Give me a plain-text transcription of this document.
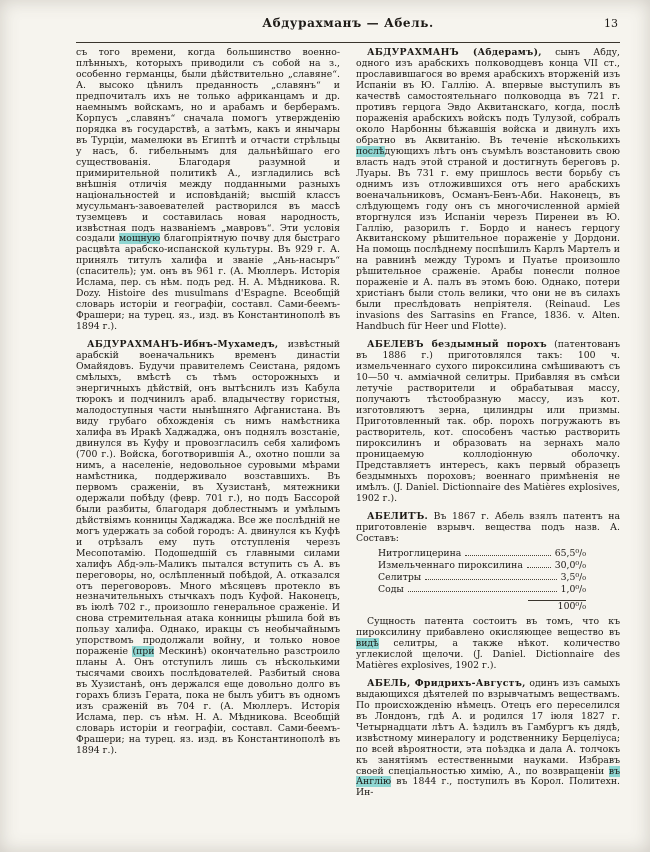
Абдурахманъ — Абель.	13

съ того времени, когда большинство военно-плѣнныхъ, которыхъ приводили съ собой на з., особенно германцы, были дѣйствительно „славяне“. А. высоко цѣнилъ преданность „славянъ“ и предпочиталъ ихъ не только африканцамъ и др. наемнымъ войскамъ, но и арабамъ и берберамъ. Корпусъ „славянъ“ сначала помогъ утвержденію порядка въ государствѣ, а затѣмъ, какъ и янычары въ Турціи, мамелюки въ Египтѣ и отчасти стрѣльцы у насъ, б. гибельнымъ для дальнѣйшаго его существованія. Благодаря разумной и примирительной политикѣ А., изгладились всѣ внѣшнія отличія между подданными разныхъ національностей и исповѣданій; высшій классъ мусульманъ-завоевателей растворился въ массѣ туземцевъ и составилась новая народность, извѣстная подъ названіемъ „мавровъ“. Эти условія создали мощную благопріятную почву для быстраго расцвѣта арабско-испанской культуры. Въ 929 г. А. принялъ титулъ халифа и званіе „Ань-насыръ“ (спаситель); ум. онъ въ 961 г. (А. Мюллеръ. Исторія Ислама, пер. съ нѣм. подъ ред. Н. А. Мѣдникова. R. Dozy. Histoire des musulmans d'Espagne. Всеобщій словарь исторіи и географіи, составл. Сами-беемъ-Фрашери; на турец. яз., изд. въ Константинополѣ въ 1894 г.).

АБДУРАХМАНЪ-Ибнъ-Мухамедъ, извѣстный арабскій военачальникъ временъ династіи Омайядовъ. Будучи правителемъ Сеистана, рядомъ смѣлыхъ, вмѣстѣ съ тѣмъ осторожныхъ и энергичныхъ дѣйствій, онъ вытѣснилъ изъ Кабула тюрокъ и подчинилъ араб. владычеству гористыя, малодоступныя части нынѣшняго Афганистана. Въ виду грубаго обхожденія съ нимъ намѣстника халифа въ Иракѣ Хаджаджа, онъ поднялъ возстаніе, двинулся въ Куфу и провозгласилъ себя халифомъ (700 г.). Войска, боготворившія А., охотно пошли за нимъ, а населеніе, недовольное суровыми мѣрами намѣстника, поддерживало возставшихъ. Въ первомъ сраженіи, въ Хузистанѣ, мятежники одержали побѣду (февр. 701 г.), но подъ Бассорой были разбиты, благодаря доблестнымъ и умѣлымъ дѣйствіямъ конницы Хаджаджа. Все же послѣдній не могъ удержать за собой городъ: А. двинулся къ Куфѣ и отрѣзалъ ему путь отступленія черезъ Месопотамію. Подошедшій съ главными силами халифъ Абд-эль-Маликъ пытался вступить съ А. въ переговоры, но, ослѣпленный побѣдой, А. отказался отъ переговоровъ. Много мѣсяцевъ протекло въ незначительныхъ стычкахъ подъ Куфой. Наконецъ, въ іюлѣ 702 г., произошло генеральное сраженіе. И снова стремительная атака конницы рѣшила бой въ пользу халифа. Однако, иракцы съ необычайнымъ упорствомъ продолжали войну, и только новое пораженіе (при Мескинѣ) окончательно разстроило планы А. Онъ отступилъ лишь съ нѣсколькими тысячами своихъ послѣдователей. Разбитый снова въ Хузистанѣ, онъ держался еще довольно долго въ горахъ близъ Герата, пока не былъ убитъ въ одномъ изъ сраженій въ 704 г. (А. Мюллеръ. Исторія Ислама, пер. съ нѣм. Н. А. Мѣдникова. Всеобщій словарь исторіи и географіи, составл. Сами-беемъ-Фрашери; на турец. яз. изд. въ Константинополѣ въ 1894 г.).

АБДУРАХМАНЪ (Абдерамъ), сынъ Абду, одного изъ арабскихъ полководцевъ конца VII ст., прославившагося во время арабскихъ вторженій изъ Испаніи въ Ю. Галлію. А. впервые выступилъ въ качествѣ самостоятельнаго полководца въ 721 г. противъ герцога Эвдо Аквитанскаго, когда, послѣ пораженія арабскихъ войскъ подъ Тулузой, собралъ около Нарбонны бѣжавшія войска и двинулъ ихъ обратно въ Аквитанію. Въ теченіе нѣсколькихъ послѣдующихъ лѣтъ онъ съумѣлъ возстановить свою власть надъ этой страной и достигнуть береговъ р. Луары. Въ 731 г. ему пришлось вести борьбу съ однимъ изъ отложившихся отъ него арабскихъ военачальниковъ, Османъ-Бенъ-Аби. Наконецъ, въ слѣдующемъ году онъ съ многочисленной арміей вторгнулся изъ Испаніи черезъ Пиренеи въ Ю. Галлію, разорилъ г. Бордо и нанесъ герцогу Аквитанскому рѣшительное пораженіе у Дордони. На помощь послѣднему поспѣшилъ Карлъ Мартелъ и на равнинѣ между Туромъ и Пуатье произошло рѣшительное сраженіе. Арабы понесли полное пораженіе и А. палъ въ этомъ бою. Однако, потери христіанъ были столь велики, что они не въ силахъ были преслѣдовать непріятеля. (Reinaud. Les invasions des Sarrasins en France, 1836. v. Alten. Handbuch für Heer und Flotte).

АБЕЛЕВЪ бездымный порохъ (патентованъ въ 1886 г.) приготовлялся такъ: 100 ч. измельченнаго сухого пироксилина смѣшиваютъ съ 10—50 ч. амміачной селитры. Прибавляя въ смѣси летучіе растворители и обрабатывая массу, получаютъ тѣстообразную массу, изъ кот. изготовляютъ зерна, цилиндры или призмы. Приготовленный так. обр. порохъ погружаютъ въ растворитель, кот. способенъ частью растворить пироксилинъ и образовать на зернахъ мало проницаемую коллодіонную оболочку. Представляетъ интересъ, какъ первый образецъ бездымныхъ пороховъ; военнаго примѣненія не имѣлъ. (J. Daniel. Dictionnaire des Matières explosives, 1902 г.).

АБЕЛИТЪ. Въ 1867 г. Абель взялъ патентъ на приготовленіе взрывч. вещества подъ назв. А. Составъ:

Нитроглицерина	65,5⁰/₀
Измельченнаго пироксилина	30,0⁰/₀
Селитры	3,5⁰/₀
Соды	1,0⁰/₀
100⁰/₀

Сущность патента состоитъ въ томъ, что къ пироксилину прибавлено окисляющее вещество въ видѣ селитры, а также нѣкот. количество углекислой щелочи. (J. Daniel. Dictionnaire des Matières explosives, 1902 г.).

АБЕЛЬ, Фридрихъ-Августъ, одинъ изъ самыхъ выдающихся дѣятелей по взрывчатымъ веществамъ. По происхожденію нѣмецъ. Отецъ его переселился въ Лондонъ, гдѣ А. и родился 17 іюля 1827 г. Четырнадцати лѣтъ А. ѣздилъ въ Гамбургъ къ дядѣ, извѣстному минералогу и родственнику Берцеліуса; по всей вѣроятности, эта поѣздка и дала А. толчокъ къ занятіямъ естественными науками. Избравъ своей спеціальностью химію, А., по возвращеніи въ Англію въ 1844 г., поступилъ въ Корол. Политехн. Ин-
